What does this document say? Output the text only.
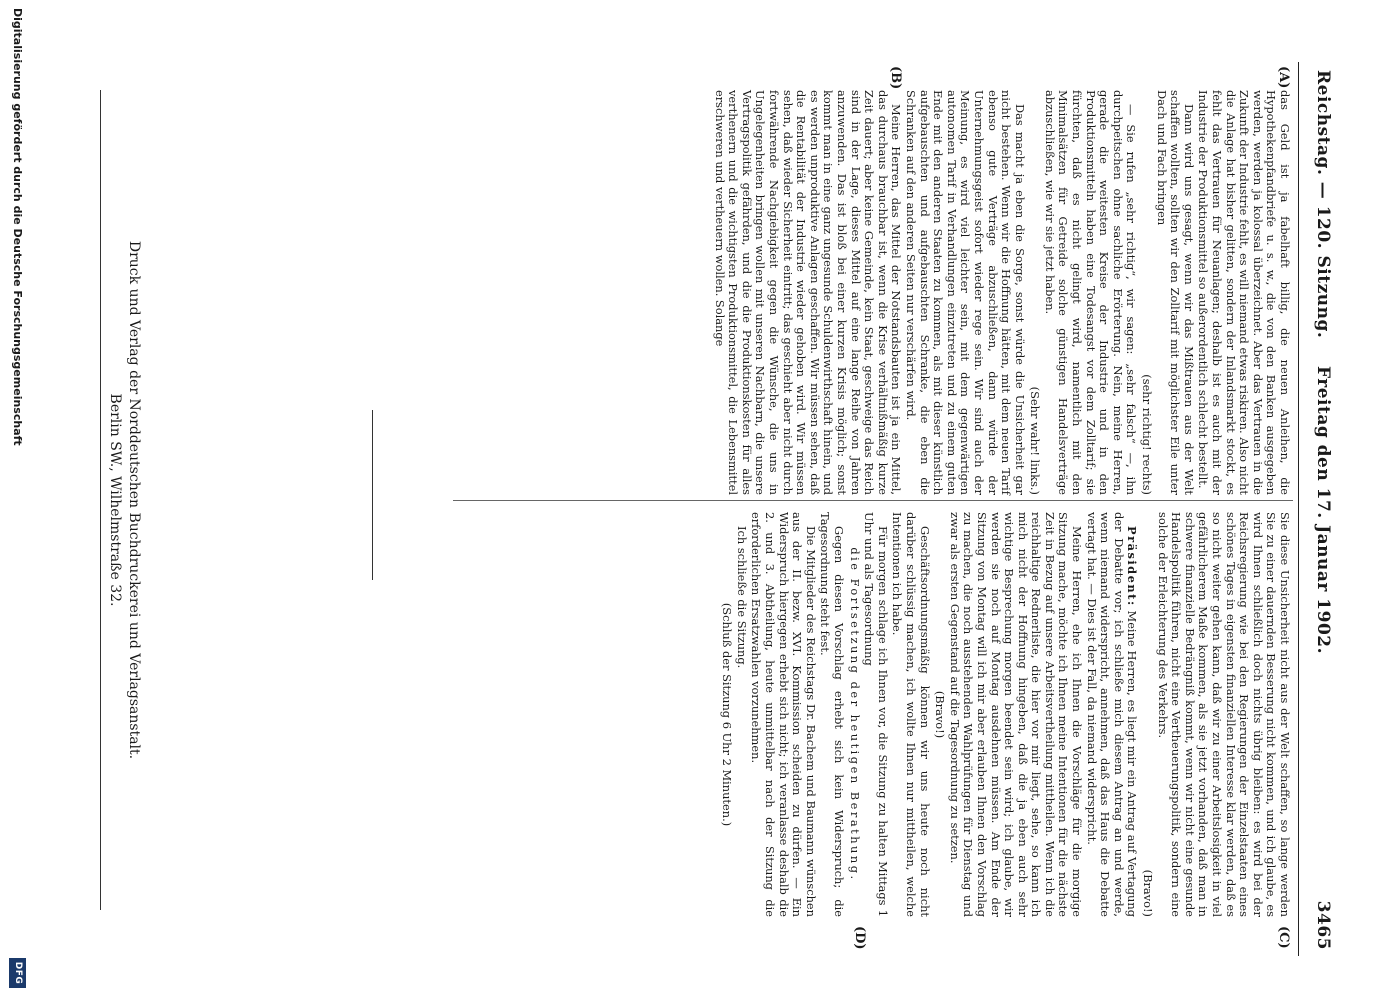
Reichstag. — 120. Sitzung.
Freitag den 17. Januar 1902.
3465
(A)
(B)
(C)
(D)

das Geld ist ja fabelhaft billig, die neuen Anleihen, die Hypothekenpfandbriefe u. s. w., die von den Banken ausgegeben werden, werden ja kolossal überzeichnet. Aber das Vertrauen in die Zukunft der Industrie fehlt, es will niemand etwas riskiren. Also nicht die Anlage hat bisher gelitten, sondern der Inlandsmarkt stockt, es fehlt das Vertrauen für Neuanlagen; deshalb ist es auch mit der Industrie der Produktionsmittel so außerordentlich schlecht bestellt.

Dann wird uns gesagt, wenn wir das Mißtrauen aus der Welt schaffen wollten, sollten wir den Zolltarif mit möglichster Eile unter Dach und Fach bringen

(sehr richtig! rechts)

— Sie rufen „sehr richtig“, wir sagen: „sehr falsch“ —, ihn durchpeitschen ohne sachliche Erörterung. Nein, meine Herren, gerade die weitesten Kreise der Industrie und in den Produktionsmitteln haben eine Todesangst vor dem Zolltarif; sie fürchten, daß es nicht gelingt wird, namentlich mit den Minimalsätzen für Getreide solche günstigen Handelsverträge abzuschließen, wie wir sie jetzt haben.

(Sehr wahr! links.)

Das macht ja eben die Sorge, sonst würde die Unsicherheit gar nicht bestehen. Wenn wir die Hoffnung hätten, mit dem neuen Tarif ebenso gute Verträge abzuschließen, dann würde der Unternehmungsgeist sofort wieder rege sein. Wir sind auch der Meinung, es wird viel leichter sein, mit dem gegenwärtigen autonomen Tarif in Verhandlungen einzutreten und zu einem guten Ende mit den anderen Staaten zu kommen, als mit dieser künstlich aufgebauschten und aufgebauschten Schranke, die eben die Schranken auf den anderen Seiten nur verschärfen wird.

Meine Herren, das Mittel der Notstandsbauten ist ja ein Mittel, das durchaus brauchbar ist, wenn die Krise verhältnißmäßig kurze Zeit dauert; aber keine Gemeinde, kein Staat, geschweige das Reich sind in der Lage, dieses Mittel auf eine lange Reihe von Jahren anzuwenden. Das ist bloß bei einer kurzen Krisis möglich; sonst kommt man in eine ganz ungesunde Schuldenwirthschaft hinein, und es werden unproduktive Anlagen geschaffen. Wir müssen sehen, daß die Rentabilität der Industrie wieder gehoben wird. Wir müssen sehen, daß wieder Sicherheit eintritt; das geschieht aber nicht durch fortwährende Nachgiebigkeit gegen die Wünsche, die uns in Ungelegenheiten bringen wollen mit unseren Nachbarn, die unsere Vertragspolitik gefährden, und die die Produktionskosten für alles verthenern und die wichtigsten Produktionsmittel, die Lebensmittel erschweren und vertheuern wollen. Solange

Sie diese Unsicherheit nicht aus der Welt schaffen, so lange werden Sie zu einer dauernden Besserung nicht kommen, und ich glaube, es wird Ihnen schließlich doch nichts übrig bleiben: es wird bei der Reichsregierung wie bei den Regierungen der Einzelstaaten eines schönes Tages in eigensten finanziellen Interesse klar werden, daß es so nicht weiter gehen kann, daß wir zu einer Arbeitslosigkeit in viel gefährlicherem Maße kommen, als sie jetzt vorhanden, daß man in schwere finanzielle Bedrängniß kommt, wenn wir nicht eine gesunde Handelspolitik führen, nicht eine Vertheuerungspolitik, sondern eine solche der Erleichterung des Verkehrs.

(Bravo!)

Präsident: Meine Herren, es liegt mir ein Antrag auf Vertagung der Debatte vor; ich schließe mich diesem Antrag an und werde, wenn niemand widerspricht, annehmen, daß das Haus die Debatte vertagt hat. — Dies ist der Fall, da niemand widerspricht.

Meine Herren, ehe ich Ihnen die Vorschläge für die morgige Sitzung mache, möchte ich Ihnen meine Intentionen für die nächste Zeit in Bezug auf unsere Arbeitsvertheilung mittheilen. Wenn ich die reichhaltige Rednerliste, die hier vor mir liegt, sehe, so kann ich mich nicht der Hoffnung hingeben, daß die ja eben auch sehr wichtige Besprechung morgen beendet sein wird; ich glaube, wir werden sie noch auf Montag ausdehnen müssen. Am Ende der Sitzung von Montag will ich mir aber erlauben Ihnen den Vorschlag zu machen, die noch ausstehenden Wahlprüfungen für Dienstag und zwar als ersten Gegenstand auf die Tagesordnung zu setzen.

(Bravo!)

Geschäftsordnungsmäßig können wir uns heute noch nicht darüber schlüssig machen, ich wollte Ihnen nur mittheilen, welche Intentionen ich habe.

Für morgen schlage ich Ihnen vor, die Sitzung zu halten Mittags 1 Uhr und als Tagesordnung

die Fortsetzung der heutigen Berathung.

Gegen diesen Vorschlag erhebt sich kein Widerspruch; die Tagesordnung steht fest.

Die Mitglieder des Reichstags Dr. Bachem und Baumann wünschen aus der II. bezw. XVI. Kommission scheiden zu dürfen. — Ein Widerspruch hiergegen erhebt sich nicht; ich veranlasse deshalb die 2. und 3. Abtheilung, heute unmittelbar nach der Sitzung die erforderlichen Ersatzwahlen vorzunehmen.

Ich schließe die Sitzung.

(Schluß der Sitzung 6 Uhr 2 Minuten.)

Druck und Verlag der Norddeutschen Buchdruckerei und Verlagsanstalt.
Berlin SW., Wilhelmstraße 32.
Digitalisierung gefördert durch die Deutsche Forschungsgemeinschaft
DFG
